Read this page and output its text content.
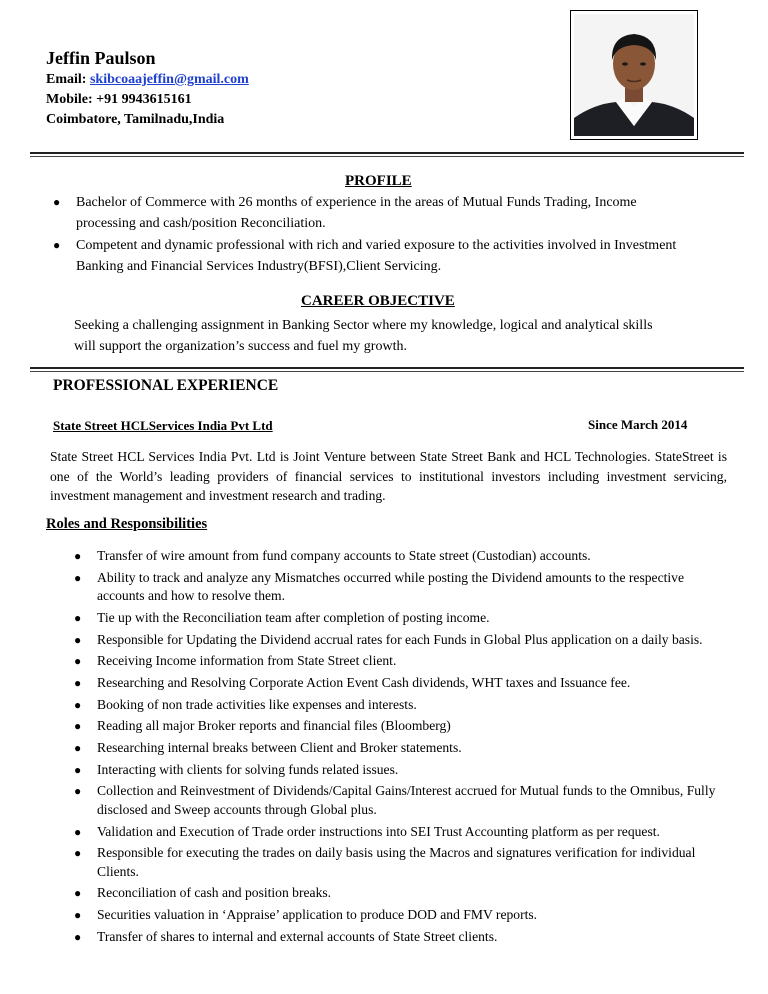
Jeffin Paulson
Email: skibcoaajeffin@gmail.com
Mobile: +91 9943615161
Coimbatore, Tamilnadu,India
PROFILE
● Bachelor of Commerce with 26 months of experience in the areas of Mutual Funds Trading, Income processing and cash/position Reconciliation.
● Competent and dynamic professional with rich and varied exposure to the activities involved in Investment Banking and Financial Services Industry(BFSI),Client Servicing.
CAREER OBJECTIVE
Seeking a challenging assignment in Banking Sector where my knowledge, logical and analytical skills will support the organization’s success and fuel my growth.
PROFESSIONAL EXPERIENCE
State Street HCLServices India Pvt Ltd	Since March 2014
State Street HCL Services India Pvt. Ltd is Joint Venture between State Street Bank and HCL Technologies. StateStreet is one of the World’s leading providers of financial services to institutional investors including investment servicing, investment management and investment research and trading.
Roles and Responsibilities
● Transfer of wire amount from fund company accounts to State street (Custodian) accounts.
● Ability to track and analyze any Mismatches occurred while posting the Dividend amounts to the respective accounts and how to resolve them.
● Tie up with the Reconciliation team after completion of posting income.
● Responsible for Updating the Dividend accrual rates for each Funds in Global Plus application on a daily basis.
● Receiving Income information from State Street client.
● Researching and Resolving Corporate Action Event Cash dividends, WHT taxes and Issuance fee.
● Booking of non trade activities like expenses and interests.
● Reading all major Broker reports and financial files (Bloomberg)
● Researching internal breaks between Client and Broker statements.
● Interacting with clients for solving funds related issues.
● Collection and Reinvestment of Dividends/Capital Gains/Interest accrued for Mutual funds to the Omnibus, Fully disclosed and Sweep accounts through Global plus.
● Validation and Execution of Trade order instructions into SEI Trust Accounting platform as per request.
● Responsible for executing the trades on daily basis using the Macros and signatures verification for individual Clients.
● Reconciliation of cash and position breaks.
● Securities valuation in ‘Appraise’ application to produce DOD and FMV reports.
● Transfer of shares to internal and external accounts of State Street clients.
